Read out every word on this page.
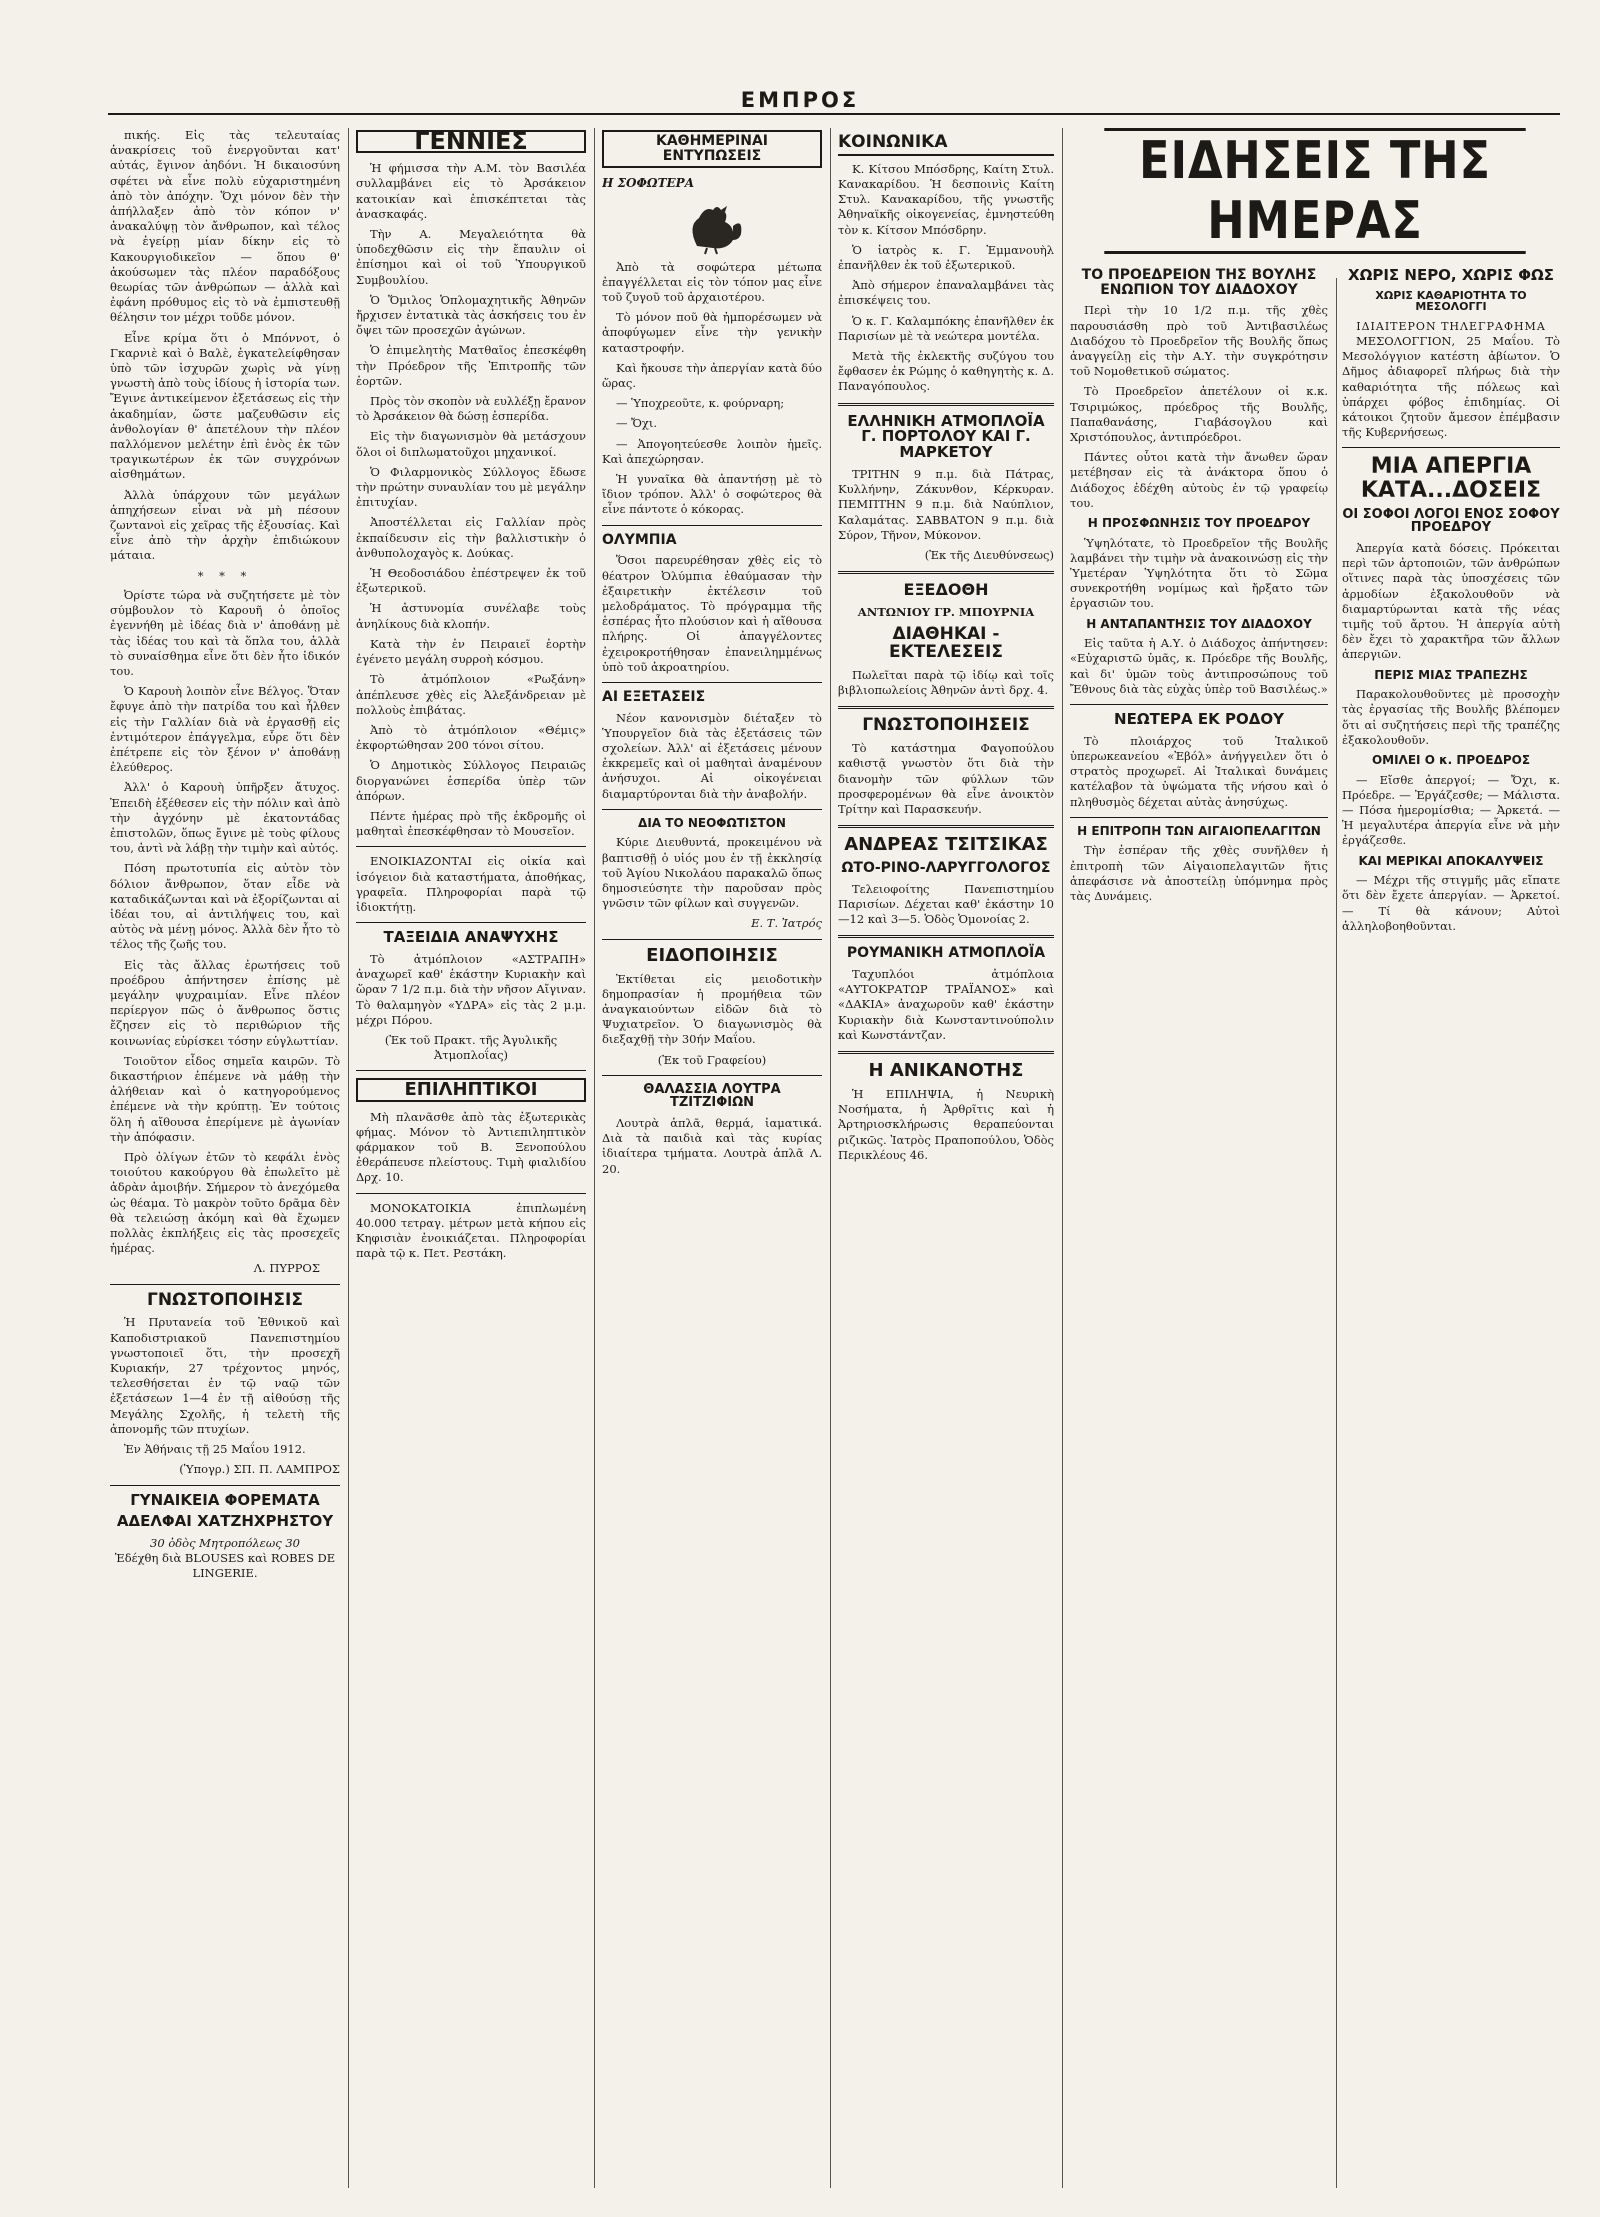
ΕΜΠΡΟΣ

πικής. Εἰς τὰς τελευταίας ἀνακρίσεις τοῦ ἐνεργοῦνται κατ' αὐτάς, ἔγινον ἀηδόνι. Ἡ δικαιοσύνη σφέτει νὰ εἶνε πολὺ εὐχαριστημένη ἀπὸ τὸν ἀπόχην. Ὅχι μόνον δὲν τὴν ἀπήλλαξεν ἀπὸ τὸν κόπον ν' ἀνακαλύψῃ τὸν ἄνθρωπον, καὶ τέλος νὰ ἐγείρῃ μίαν δίκην εἰς τὸ Κακουργιοδικεῖον — ὅπου θ' ἀκούσωμεν τὰς πλέον παραδόξους θεωρίας τῶν ἀνθρώπων — ἀλλὰ καὶ ἐφάνη πρόθυμος εἰς τὸ νὰ ἐμπιστευθῇ θέλησιν τον μέχρι τοῦδε μόνον.

Εἶνε κρίμα ὅτι ὁ Μπόννοτ, ὁ Γκαρνιὲ καὶ ὁ Βαλὲ, ἐγκατελείφθησαν ὑπὸ τῶν ἰσχυρῶν χωρὶς νὰ γίνῃ γνωστὴ ἀπὸ τοὺς ἰδίους ἡ ἱστορία των. Ἔγινε ἀντικείμενον ἐξετάσεως εἰς τὴν ἀκαδημίαν, ὥστε μαζευθῶσιν εἰς ἀνθολογίαν θ' ἀπετέλουν τὴν πλέον παλλόμενον μελέτην ἐπὶ ἑνὸς ἐκ τῶν τραγικωτέρων ἐκ τῶν συγχρόνων αἰσθημάτων.

Ἀλλὰ ὑπάρχουν τῶν μεγάλων ἀπηχήσεων εἶναι νὰ μὴ πέσουν ζωντανοὶ εἰς χεῖρας τῆς ἐξουσίας. Καὶ εἶνε ἀπὸ τὴν ἀρχὴν ἐπιδιώκουν μάταια.

* * *

Ὀρίστε τώρα νὰ συζητήσετε μὲ τὸν σύμβουλον τὸ Καρουῆ ὁ ὁποῖος ἐγεννήθη μὲ ἰδέας διὰ ν' ἀποθάνῃ μὲ τὰς ἰδέας του καὶ τὰ ὅπλα του, ἀλλὰ τὸ συναίσθημα εἶνε ὅτι δὲν ἦτο ἰδικόν του.

Ὁ Καρουὴ λοιπὸν εἶνε Βέλγος. Ὅταν ἔφυγε ἀπὸ τὴν πατρίδα του καὶ ἦλθεν εἰς τὴν Γαλλίαν διὰ νὰ ἐργασθῇ εἰς ἐντιμότερον ἐπάγγελμα, εὗρε ὅτι δὲν ἐπέτρεπε εἰς τὸν ξένον ν' ἀποθάνῃ ἐλεύθερος.

Ἀλλ' ὁ Καρουὴ ὑπῆρξεν ἄτυχος. Ἐπειδὴ ἐξέθεσεν εἰς τὴν πόλιν καὶ ἀπὸ τὴν ἀγχόνην μὲ ἐκατοντάδας ἐπιστολῶν, ὅπως ἔγινε μὲ τοὺς φίλους του, ἀντὶ νὰ λάβῃ τὴν τιμὴν καὶ αὐτός.

Πόση πρωτοτυπία εἰς αὐτὸν τὸν δόλιον ἄνθρωπον, ὅταν εἶδε νὰ καταδικάζωνται καὶ νὰ ἐξορίζωνται αἱ ἰδέαι του, αἱ ἀντιλήψεις του, καὶ αὐτὸς νὰ μένῃ μόνος. Ἀλλὰ δὲν ἦτο τὸ τέλος τῆς ζωῆς του.

Εἰς τὰς ἄλλας ἐρωτήσεις τοῦ προέδρου ἀπήντησεν ἐπίσης μὲ μεγάλην ψυχραιμίαν. Εἶνε πλέον περίεργον πῶς ὁ ἄνθρωπος ὅστις ἔζησεν εἰς τὸ περιθώριον τῆς κοινωνίας εὑρίσκει τόσην εὐγλωττίαν.

Τοιοῦτον εἶδος σημεῖα καιρῶν. Τὸ δικαστήριον ἐπέμενε νὰ μάθῃ τὴν ἀλήθειαν καὶ ὁ κατηγορούμενος ἐπέμενε νὰ τὴν κρύπτῃ. Ἐν τούτοις ὅλη ἡ αἴθουσα ἐπερίμενε μὲ ἀγωνίαν τὴν ἀπόφασιν.

Πρὸ ὀλίγων ἐτῶν τὸ κεφάλι ἑνὸς τοιούτου κακούργου θὰ ἐπωλεῖτο μὲ ἀδρὰν ἀμοιβήν. Σήμερον τὸ ἀνεχόμεθα ὡς θέαμα. Τὸ μακρὸν τοῦτο δρᾶμα δὲν θὰ τελειώσῃ ἀκόμη καὶ θὰ ἔχωμεν πολλὰς ἐκπλήξεις εἰς τὰς προσεχεῖς ἡμέρας.

Λ. ΠΥΡΡΟΣ
ΓΝΩΣΤΟΠΟΙΗΣΙΣ

Ἡ Πρυτανεία τοῦ Ἐθνικοῦ καὶ Καποδιστριακοῦ Πανεπιστημίου γνωστοποιεῖ ὅτι, τὴν προσεχῆ Κυριακήν, 27 τρέχοντος μηνός, τελεσθήσεται ἐν τῷ ναῷ τῶν ἐξετάσεων 1—4 ἐν τῇ αἰθούσῃ τῆς Μεγάλης Σχολῆς, ἡ τελετὴ τῆς ἀπονομῆς τῶν πτυχίων.

Ἐν Ἀθήναις τῇ 25 Μαΐου 1912.

(Ὑπογρ.) ΣΠ. Π. ΛΑΜΠΡΟΣ
ΓΥΝΑΙΚΕΙΑ ΦΟΡΕΜΑΤΑ
ΑΔΕΛΦΑΙ ΧΑΤΖΗΧΡΗΣΤΟΥ
30 ὁδὸς Μητροπόλεως 30
Ἐδέχθη διὰ BLOUSES καὶ ROBES DE LINGERIE.
ΓΕΝΝΙΕΣ

Ἡ φήμισσα τὴν Α.Μ. τὸν Βασιλέα συλλαμβάνει εἰς τὸ Ἀρσάκειον κατοικίαν καὶ ἐπισκέπτεται τὰς ἀνασκαφάς.

Τὴν Α. Μεγαλειότητα θὰ ὑποδεχθῶσιν εἰς τὴν ἔπαυλιν οἱ ἐπίσημοι καὶ οἱ τοῦ Ὑπουργικοῦ Συμβουλίου.

Ὁ Ὅμιλος Ὁπλομαχητικῆς Ἀθηνῶν ἤρχισεν ἐντατικὰ τὰς ἀσκήσεις του ἐν ὄψει τῶν προσεχῶν ἀγώνων.

Ὁ ἐπιμελητὴς Ματθαῖος ἐπεσκέφθη τὴν Πρόεδρον τῆς Ἐπιτροπῆς τῶν ἑορτῶν.

Πρὸς τὸν σκοπὸν νὰ ευλλέξῃ ἔρανον τὸ Ἀρσάκειον θὰ δώσῃ ἑσπερίδα.

Εἰς τὴν διαγωνισμὸν θὰ μετάσχουν ὅλοι οἱ διπλωματοῦχοι μηχανικοί.

Ὁ Φιλαρμονικὸς Σύλλογος ἔδωσε τὴν πρώτην συναυλίαν του μὲ μεγάλην ἐπιτυχίαν.

Ἀποστέλλεται εἰς Γαλλίαν πρὸς ἐκπαίδευσιν εἰς τὴν βαλλιστικὴν ὁ ἀνθυπολοχαγὸς κ. Δούκας.

Ἡ Θεοδοσιάδου ἐπέστρεψεν ἐκ τοῦ ἐξωτερικοῦ.

Ἡ ἀστυνομία συνέλαβε τοὺς ἀνηλίκους διὰ κλοπήν.

Κατὰ τὴν ἐν Πειραιεῖ ἑορτὴν ἐγένετο μεγάλη συρροὴ κόσμου.

Τὸ ἀτμόπλοιον «Ρωξάνη» ἀπέπλευσε χθὲς εἰς Ἀλεξάνδρειαν μὲ πολλοὺς ἐπιβάτας.

Ἀπὸ τὸ ἀτμόπλοιον «Θέμις» ἐκφορτώθησαν 200 τόνοι σίτου.

Ὁ Δημοτικὸς Σύλλογος Πειραιῶς διοργανώνει ἑσπερίδα ὑπὲρ τῶν ἀπόρων.

Πέντε ἡμέρας πρὸ τῆς ἐκδρομῆς οἱ μαθηταὶ ἐπεσκέφθησαν τὸ Μουσεῖον.

ΕΝΟΙΚΙΑΖΟΝΤΑΙ εἰς οἰκία καὶ ἰσόγειον διὰ καταστήματα, ἀποθήκας, γραφεῖα. Πληροφορίαι παρὰ τῷ ἰδιοκτήτῃ.

ΤΑΞΕΙΔΙΑ ΑΝΑΨΥΧΗΣ

Τὸ ἀτμόπλοιον «ΑΣΤΡΑΠΗ» ἀναχωρεῖ καθ' ἑκάστην Κυριακὴν καὶ ὥραν 7 1/2 π.μ. διὰ τὴν νῆσον Αἴγιναν. Τὸ θαλαμηγὸν «ΥΔΡΑ» εἰς τὰς 2 μ.μ. μέχρι Πόρου.

(Ἐκ τοῦ Πρακτ. τῆς Ἀγυλικῆς Ἀτμοπλοΐας)
ΕΠΙΛΗΠΤΙΚΟΙ

Μὴ πλανᾶσθε ἀπὸ τὰς ἐξωτερικὰς φήμας. Μόνον τὸ Ἀντιεπιληπτικὸν φάρμακον τοῦ Β. Ξενοπούλου ἐθεράπευσε πλείστους. Τιμὴ φιαλιδίου Δρχ. 10.

ΜΟΝΟΚΑΤΟΙΚΙΑ ἐπιπλωμένη 40.000 τετραγ. μέτρων μετὰ κήπου εἰς Κηφισιὰν ἐνοικιάζεται. Πληροφορίαι παρὰ τῷ κ. Πετ. Ρεστάκη.

ΚΑΘΗΜΕΡΙΝΑΙ ΕΝΤΥΠΩΣΕΙΣ
Η ΣΟΦΩΤΕΡΑ

Ἀπὸ τὰ σοφώτερα μέτωπα ἐπαγγέλλεται εἰς τὸν τόπον μας εἶνε τοῦ ζυγοῦ τοῦ ἀρχαιοτέρου.

Τὸ μόνον ποῦ θὰ ἠμπορέσωμεν νὰ ἀποφύγωμεν εἶνε τὴν γενικὴν καταστροφήν.

Καὶ ἤκουσε τὴν ἀπεργίαν κατὰ δύο ὥρας.

— Ὑποχρεοῦτε, κ. φούρναρη;

— Ὄχι.

— Ἀπογοητεύεσθε λοιπὸν ἡμεῖς. Καὶ ἀπεχώρησαν.

Ἡ γυναῖκα θὰ ἀπαντήσῃ μὲ τὸ ἴδιον τρόπον. Ἀλλ' ὁ σοφώτερος θὰ εἶνε πάντοτε ὁ κόκορας.

ΟΛΥΜΠΙΑ

Ὅσοι παρευρέθησαν χθὲς εἰς τὸ θέατρον Ὀλύμπια ἐθαύμασαν τὴν ἐξαιρετικὴν ἐκτέλεσιν τοῦ μελοδράματος. Τὸ πρόγραμμα τῆς ἑσπέρας ἦτο πλούσιον καὶ ἡ αἴθουσα πλήρης. Οἱ ἀπαγγέλοντες ἐχειροκροτήθησαν ἐπανειλημμένως ὑπὸ τοῦ ἀκροατηρίου.

ΑΙ ΕΞΕΤΑΣΕΙΣ

Νέον κανονισμὸν διέταξεν τὸ Ὑπουργεῖον διὰ τὰς ἐξετάσεις τῶν σχολείων. Ἀλλ' αἱ ἐξετάσεις μένουν ἐκκρεμεῖς καὶ οἱ μαθηταὶ ἀναμένουν ἀνήσυχοι. Αἱ οἰκογένειαι διαμαρτύρονται διὰ τὴν ἀναβολήν.

ΔΙΑ ΤΟ ΝΕΟΦΩΤΙΣΤΟΝ

Κύριε Διευθυντά, προκειμένου νὰ βαπτισθῇ ὁ υἱός μου ἐν τῇ ἐκκλησίᾳ τοῦ Ἁγίου Νικολάου παρακαλῶ ὅπως δημοσιεύσητε τὴν παροῦσαν πρὸς γνῶσιν τῶν φίλων καὶ συγγενῶν.

Ε. Τ. Ἰατρός
ΕΙΔΟΠΟΙΗΣΙΣ

Ἐκτίθεται εἰς μειοδοτικὴν δημοπρασίαν ἡ προμήθεια τῶν ἀναγκαιούντων εἰδῶν διὰ τὸ Ψυχιατρεῖον. Ὁ διαγωνισμὸς θὰ διεξαχθῇ τὴν 30ήν Μαΐου.

(Ἐκ τοῦ Γραφείου)
ΘΑΛΑΣΣΙΑ ΛΟΥΤΡΑ ΤΖΙΤΖΙΦΙΩΝ

Λουτρὰ ἁπλᾶ, θερμά, ἰαματικά. Διὰ τὰ παιδιὰ καὶ τὰς κυρίας ἰδιαίτερα τμήματα. Λουτρὰ ἁπλᾶ Λ. 20.

ΚΟΙΝΩΝΙΚΑ

Κ. Κίτσου Μπόσδρης, Καίτη Στυλ. Κανακαρίδου. Ἡ δεσποινὶς Καίτη Στυλ. Κανακαρίδου, τῆς γνωστῆς Ἀθηναϊκῆς οἰκογενείας, ἐμνηστεύθη τὸν κ. Κίτσον Μπόσδρην.

Ὁ ἰατρὸς κ. Γ. Ἐμμανουὴλ ἐπανῆλθεν ἐκ τοῦ ἐξωτερικοῦ.

Ἀπὸ σήμερον ἐπαναλαμβάνει τὰς ἐπισκέψεις του.

Ὁ κ. Γ. Καλαμπόκης ἐπανῆλθεν ἐκ Παρισίων μὲ τὰ νεώτερα μοντέλα.

Μετὰ τῆς ἐκλεκτῆς συζύγου του ἔφθασεν ἐκ Ρώμης ὁ καθηγητὴς κ. Δ. Παναγόπουλος.

ΕΛΛΗΝΙΚΗ ΑΤΜΟΠΛΟΪΑ Γ. ΠΟΡΤΟΛΟΥ ΚΑΙ Γ. ΜΑΡΚΕΤΟΥ

ΤΡΙΤΗΝ 9 π.μ. διὰ Πάτρας, Κυλλήνην, Ζάκυνθον, Κέρκυραν. ΠΕΜΠΤΗΝ 9 π.μ. διὰ Ναύπλιον, Καλαμάτας. ΣΑΒΒΑΤΟΝ 9 π.μ. διὰ Σύρον, Τῆνον, Μύκονον.

(Ἐκ τῆς Διευθύνσεως)
ΕΞΕΔΟΘΗ
ΑΝΤΩΝΙΟΥ ΓΡ. ΜΠΟΥΡΝΙΑ
ΔΙΑΘΗΚΑΙ - ΕΚΤΕΛΕΣΕΙΣ

Πωλεῖται παρὰ τῷ ἰδίῳ καὶ τοῖς βιβλιοπωλείοις Ἀθηνῶν ἀντὶ δρχ. 4.

ΓΝΩΣΤΟΠΟΙΗΣΕΙΣ

Τὸ κατάστημα Φαγοπούλου καθιστᾷ γνωστὸν ὅτι διὰ τὴν διανομὴν τῶν φύλλων τῶν προσφερομένων θὰ εἶνε ἀνοικτὸν Τρίτην καὶ Παρασκευήν.

ΑΝΔΡΕΑΣ ΤΣΙΤΣΙΚΑΣ
ΩΤΟ-ΡΙΝΟ-ΛΑΡΥΓΓΟΛΟΓΟΣ

Τελειοφοίτης Πανεπιστημίου Παρισίων. Δέχεται καθ' ἑκάστην 10—12 καὶ 3—5. Ὁδὸς Ὁμονοίας 2.

ΡΟΥΜΑΝΙΚΗ ΑΤΜΟΠΛΟΪΑ

Ταχυπλόοι ἀτμόπλοια «ΑΥΤΟΚΡΑΤΩΡ ΤΡΑΪΑΝΟΣ» καὶ «ΔΑΚΙΑ» ἀναχωροῦν καθ' ἑκάστην Κυριακὴν διὰ Κωνσταντινούπολιν καὶ Κωνστάντζαν.

Η ΑΝΙΚΑΝΟΤΗΣ

Ἡ ΕΠΙΛΗΨΙΑ, ἡ Νευρικὴ Νοσήματα, ἡ Ἀρθρῖτις καὶ ἡ Ἀρτηριοσκλήρωσις θεραπεύονται ριζικῶς. Ἰατρὸς Πραποπούλου, Ὁδὸς Περικλέους 46.

ΕΙΔΗΣΕΙΣ ΤΗΣ ΗΜΕΡΑΣ
ΤΟ ΠΡΟΕΔΡΕΙΟΝ ΤΗΣ ΒΟΥΛΗΣ ΕΝΩΠΙΟΝ ΤΟΥ ΔΙΑΔΟΧΟΥ

Περὶ τὴν 10 1/2 π.μ. τῆς χθὲς παρουσιάσθη πρὸ τοῦ Ἀντιβασιλέως Διαδόχου τὸ Προεδρεῖον τῆς Βουλῆς ὅπως ἀναγγείλῃ εἰς τὴν Α.Υ. τὴν συγκρότησιν τοῦ Νομοθετικοῦ σώματος.

Τὸ Προεδρεῖον ἀπετέλουν οἱ κ.κ. Τσιριμώκος, πρόεδρος τῆς Βουλῆς, Παπαθανάσης, Γιαβάσογλου καὶ Χριστόπουλος, ἀντιπρόεδροι.

Πάντες οὗτοι κατὰ τὴν ἄνωθεν ὥραν μετέβησαν εἰς τὰ ἀνάκτορα ὅπου ὁ Διάδοχος ἐδέχθη αὐτοὺς ἐν τῷ γραφείῳ του.

Η ΠΡΟΣΦΩΝΗΣΙΣ ΤΟΥ ΠΡΟΕΔΡΟΥ

Ὑψηλότατε, τὸ Προεδρεῖον τῆς Βουλῆς λαμβάνει τὴν τιμὴν νὰ ἀνακοινώσῃ εἰς τὴν Ὑμετέραν Ὑψηλότητα ὅτι τὸ Σῶμα συνεκροτήθη νομίμως καὶ ἤρξατο τῶν ἐργασιῶν του.

Η ΑΝΤΑΠΑΝΤΗΣΙΣ ΤΟΥ ΔΙΑΔΟΧΟΥ

Εἰς ταῦτα ἡ Α.Υ. ὁ Διάδοχος ἀπήντησεν: «Εὐχαριστῶ ὑμᾶς, κ. Πρόεδρε τῆς Βουλῆς, καὶ δι' ὑμῶν τοὺς ἀντιπροσώπους τοῦ Ἔθνους διὰ τὰς εὐχὰς ὑπὲρ τοῦ Βασιλέως.»

ΝΕΩΤΕΡΑ ΕΚ ΡΟΔΟΥ

Τὸ πλοιάρχος τοῦ Ἰταλικοῦ ὑπερωκεανείου «Ἐβόλ» ἀνήγγειλεν ὅτι ὁ στρατὸς προχωρεῖ. Αἱ Ἰταλικαὶ δυνάμεις κατέλαβον τὰ ὑψώματα τῆς νήσου καὶ ὁ πληθυσμὸς δέχεται αὐτὰς ἀνησύχως.

Η ΕΠΙΤΡΟΠΗ ΤΩΝ ΑΙΓΑΙΟΠΕΛΑΓΙΤΩΝ

Τὴν ἐσπέραν τῆς χθὲς συνῆλθεν ἡ ἐπιτροπὴ τῶν Αἰγαιοπελαγιτῶν ἥτις ἀπεφάσισε νὰ ἀποστείλῃ ὑπόμνημα πρὸς τὰς Δυνάμεις.

ΧΩΡΙΣ ΝΕΡΟ, ΧΩΡΙΣ ΦΩΣ
ΧΩΡΙΣ ΚΑΘΑΡΙΟΤΗΤΑ ΤΟ ΜΕΣΟΛΟΓΓΙ
ΙΔΙΑΙΤΕΡΟΝ ΤΗΛΕΓΡΑΦΗΜΑ

ΜΕΣΟΛΟΓΓΙΟΝ, 25 Μαΐου. Τὸ Μεσολόγγιον κατέστη ἀβίωτον. Ὁ Δῆμος ἀδιαφορεῖ πλήρως διὰ τὴν καθαριότητα τῆς πόλεως καὶ ὑπάρχει φόβος ἐπιδημίας. Οἱ κάτοικοι ζητοῦν ἄμεσον ἐπέμβασιν τῆς Κυβερνήσεως.

ΜΙΑ ΑΠΕΡΓΙΑ ΚΑΤΑ...ΔΟΣΕΙΣ
ΟΙ ΣΟΦΟΙ ΛΟΓΟΙ ΕΝΟΣ ΣΟΦΟΥ ΠΡΟΕΔΡΟΥ

Ἀπεργία κατὰ δόσεις. Πρόκειται περὶ τῶν ἀρτοποιῶν, τῶν ἀνθρώπων οἵτινες παρὰ τὰς ὑποσχέσεις τῶν ἀρμοδίων ἐξακολουθοῦν νὰ διαμαρτύρωνται κατὰ τῆς νέας τιμῆς τοῦ ἄρτου. Ἡ ἀπεργία αὐτὴ δὲν ἔχει τὸ χαρακτῆρα τῶν ἄλλων ἀπεργιῶν.

ΠΕΡΙΣ ΜΙΑΣ ΤΡΑΠΕΖΗΣ

Παρακολουθοῦντες μὲ προσοχὴν τὰς ἐργασίας τῆς Βουλῆς βλέπομεν ὅτι αἱ συζητήσεις περὶ τῆς τραπέζης ἐξακολουθοῦν.

ΟΜΙΛΕΙ Ο κ. ΠΡΟΕΔΡΟΣ

— Εἴσθε ἀπεργοί; — Ὄχι, κ. Πρόεδρε. — Ἐργάζεσθε; — Μάλιστα. — Πόσα ἡμερομίσθια; — Ἀρκετά. — Ἡ μεγαλυτέρα ἀπεργία εἶνε νὰ μὴν ἐργάζεσθε.

ΚΑΙ ΜΕΡΙΚΑΙ ΑΠΟΚΑΛΥΨΕΙΣ

— Μέχρι τῆς στιγμῆς μᾶς εἴπατε ὅτι δὲν ἔχετε ἀπεργίαν. — Ἀρκετοί. — Τί θὰ κάνουν; Αὐτοὶ ἀλληλοβοηθοῦνται.
